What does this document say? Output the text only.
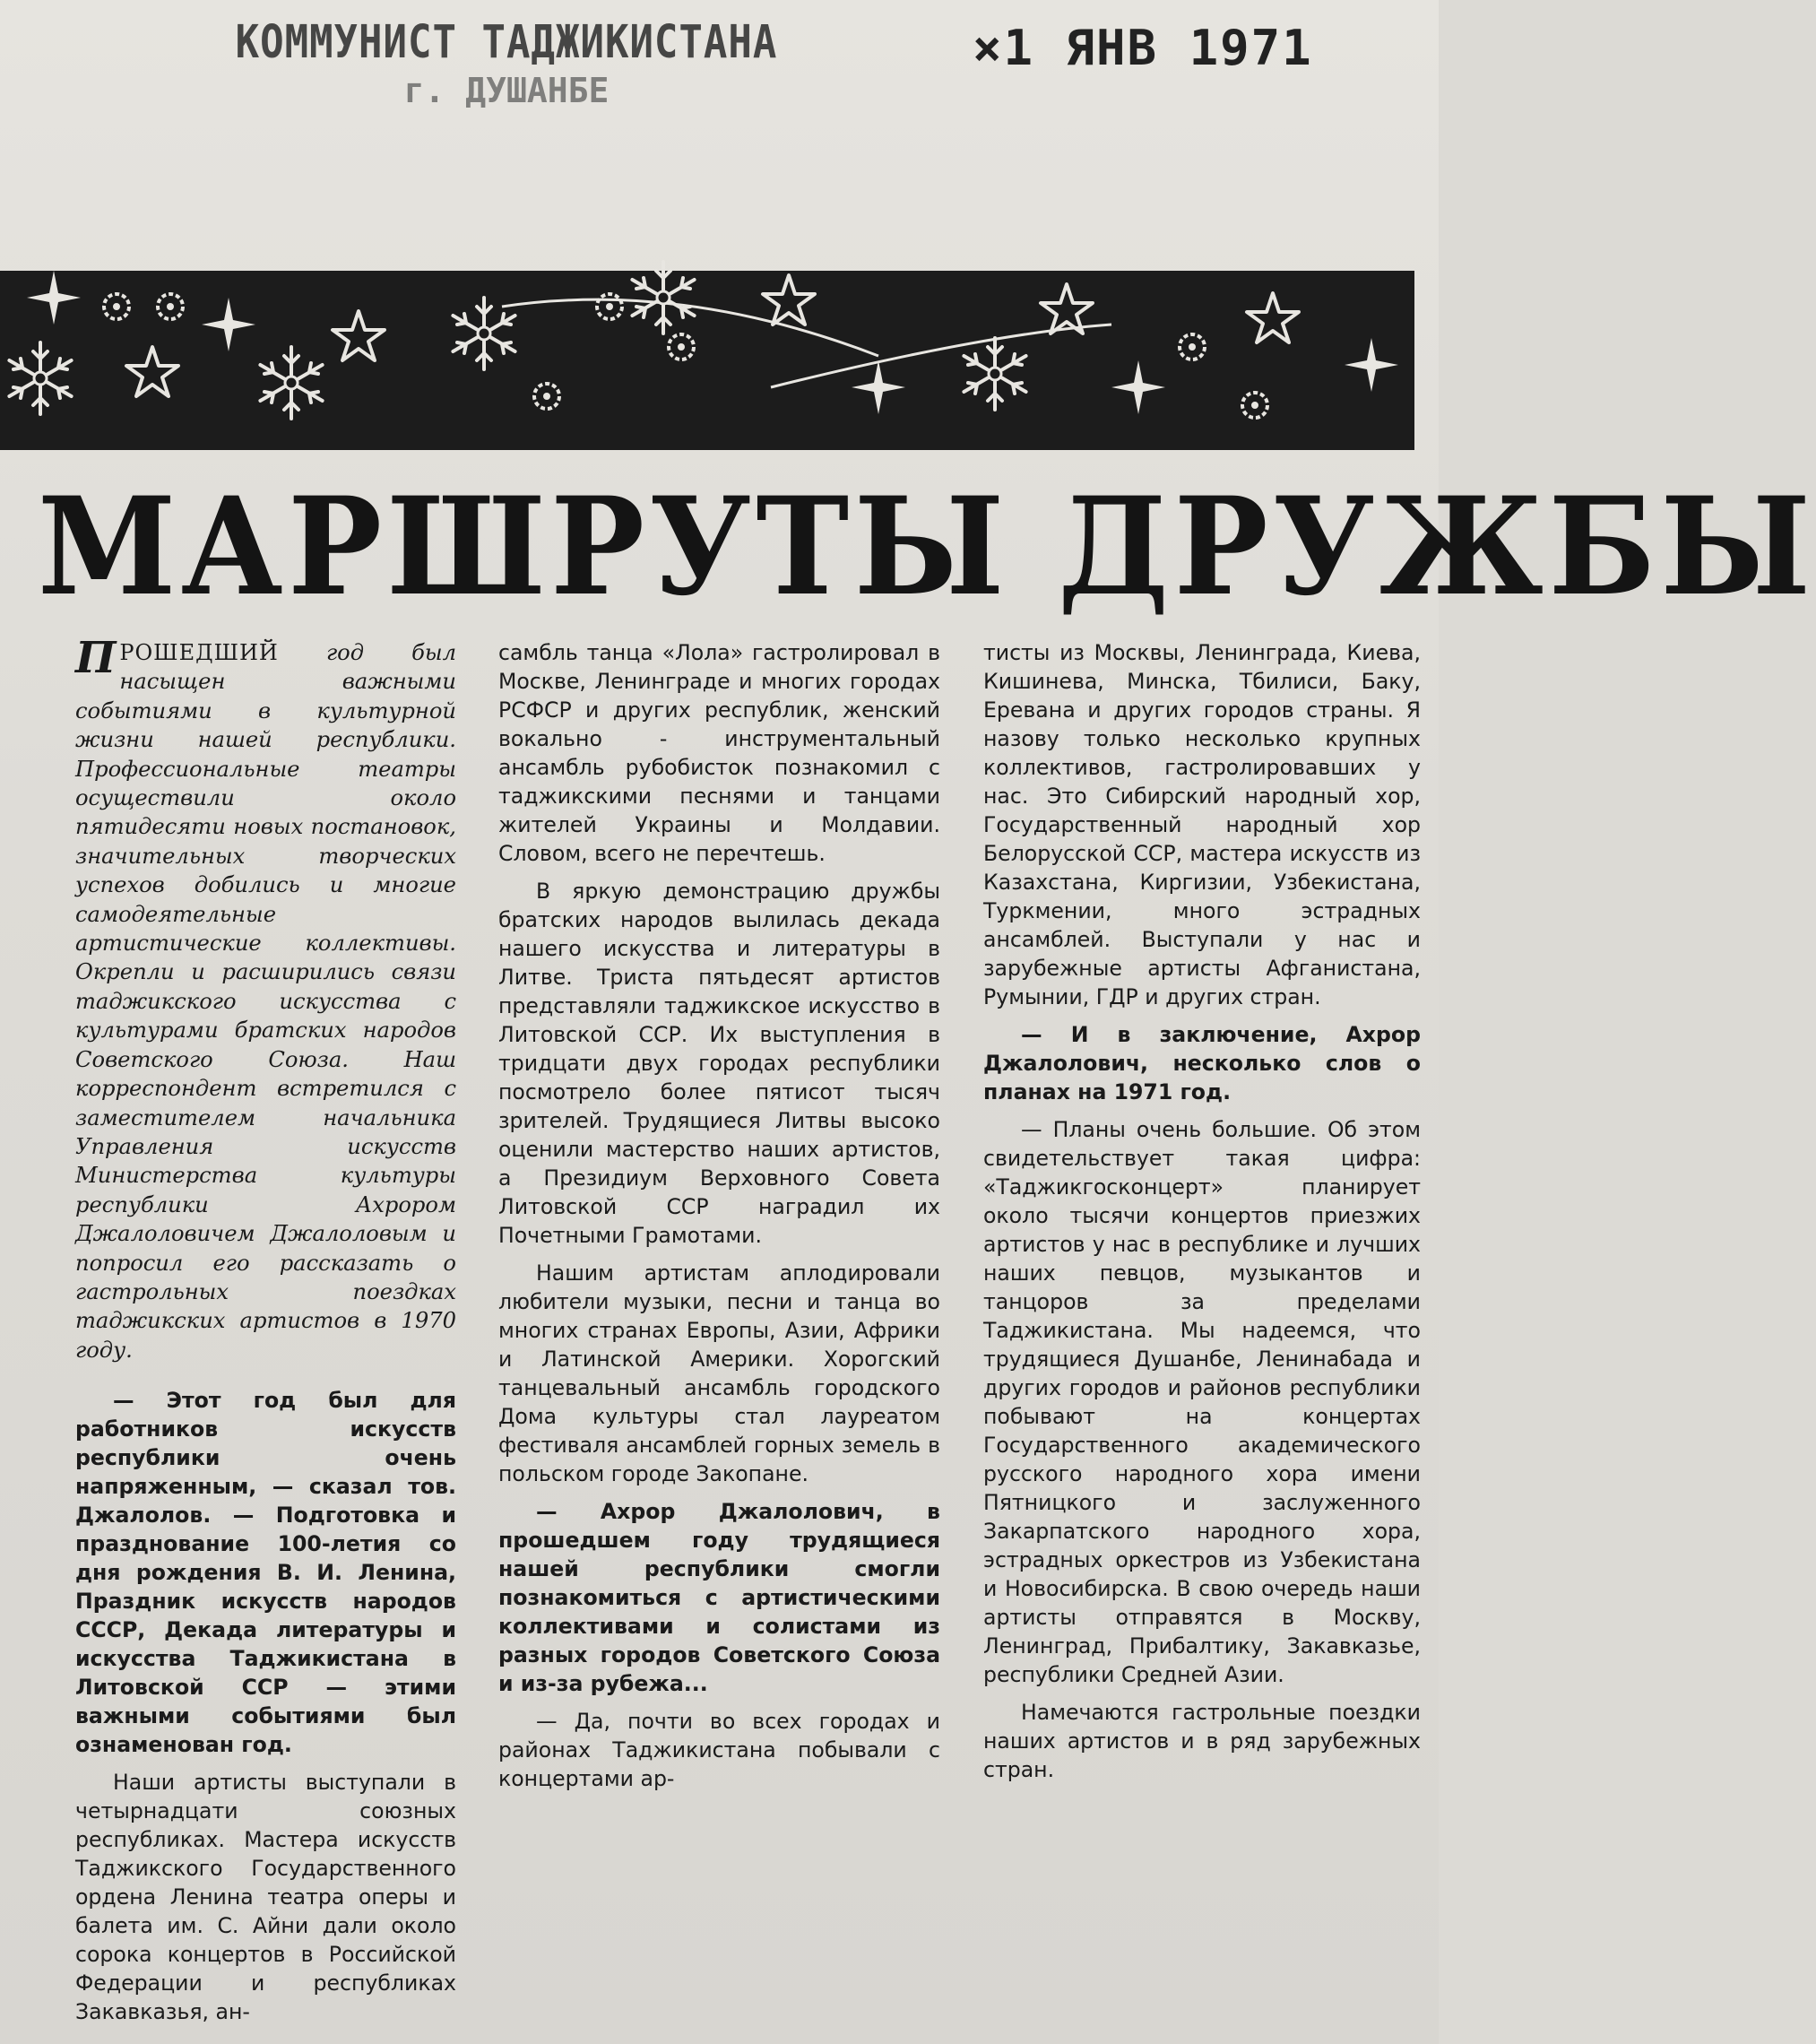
КОММУНИСТ ТАДЖИКИСТАНА
г. ДУШАНБЕ
×1 ЯНВ 1971
МАРШРУТЫ ДРУЖБЫ

ПРОШЕДШИЙ год был насыщен важными событиями в культурной жизни нашей республики. Профессиональные театры осуществили около пятидесяти новых постановок, значительных творческих успехов добились и многие самодеятельные артистические коллективы. Окрепли и расширились связи таджикского искусства с культурами братских народов Советского Союза. Наш корреспондент встретился с заместителем начальника Управления искусств Министерства культуры республики Ахрором Джалоловичем Джалоловым и попросил его рассказать о гастрольных поездках таджикских артистов в 1970 году.

— Этот год был для работников искусств республики очень напряженным, — сказал тов. Джалолов. — Подготовка и празднование 100-летия со дня рождения В. И. Ленина, Праздник искусств народов СССР, Декада литературы и искусства Таджикистана в Литовской ССР — этими важными событиями был ознаменован год.

Наши артисты выступали в четырнадцати союзных республиках. Мастера искусств Таджикского Государственного ордена Ленина театра оперы и балета им. С. Айни дали около сорока концертов в Российской Федерации и республиках Закавказья, ан-

самбль танца «Лола» гастролировал в Москве, Ленинграде и многих городах РСФСР и других республик, женский вокально - инструментальный ансамбль рубобисток познакомил с таджикскими песнями и танцами жителей Украины и Молдавии. Словом, всего не перечтешь.

В яркую демонстрацию дружбы братских народов вылилась декада нашего искусства и литературы в Литве. Триста пятьдесят артистов представляли таджикское искусство в Литовской ССР. Их выступления в тридцати двух городах республики посмотрело более пятисот тысяч зрителей. Трудящиеся Литвы высоко оценили мастерство наших артистов, а Президиум Верховного Совета Литовской ССР наградил их Почетными Грамотами.

Нашим артистам аплодировали любители музыки, песни и танца во многих странах Европы, Азии, Африки и Латинской Америки. Хорогский танцевальный ансамбль городского Дома культуры стал лауреатом фестиваля ансамблей горных земель в польском городе Закопане.

— Ахрор Джалолович, в прошедшем году трудящиеся нашей республики смогли познакомиться с артистическими коллективами и солистами из разных городов Советского Союза и из-за рубежа...

— Да, почти во всех городах и районах Таджикистана побывали с концертами ар-

тисты из Москвы, Ленинграда, Киева, Кишинева, Минска, Тбилиси, Баку, Еревана и других городов страны. Я назову только несколько крупных коллективов, гастролировавших у нас. Это Сибирский народный хор, Государственный народный хор Белорусской ССР, мастера искусств из Казахстана, Киргизии, Узбекистана, Туркмении, много эстрадных ансамблей. Выступали у нас и зарубежные артисты Афганистана, Румынии, ГДР и других стран.

— И в заключение, Ахрор Джалолович, несколько слов о планах на 1971 год.

— Планы очень большие. Об этом свидетельствует такая цифра: «Таджикгосконцерт» планирует около тысячи концертов приезжих артистов у нас в республике и лучших наших певцов, музыкантов и танцоров за пределами Таджикистана. Мы надеемся, что трудящиеся Душанбе, Ленинабада и других городов и районов республики побывают на концертах Государственного академического русского народного хора имени Пятницкого и заслуженного Закарпатского народного хора, эстрадных оркестров из Узбекистана и Новосибирска. В свою очередь наши артисты отправятся в Москву, Ленинград, Прибалтику, Закавказье, республики Средней Азии.

Намечаются гастрольные поездки наших артистов и в ряд зарубежных стран.
